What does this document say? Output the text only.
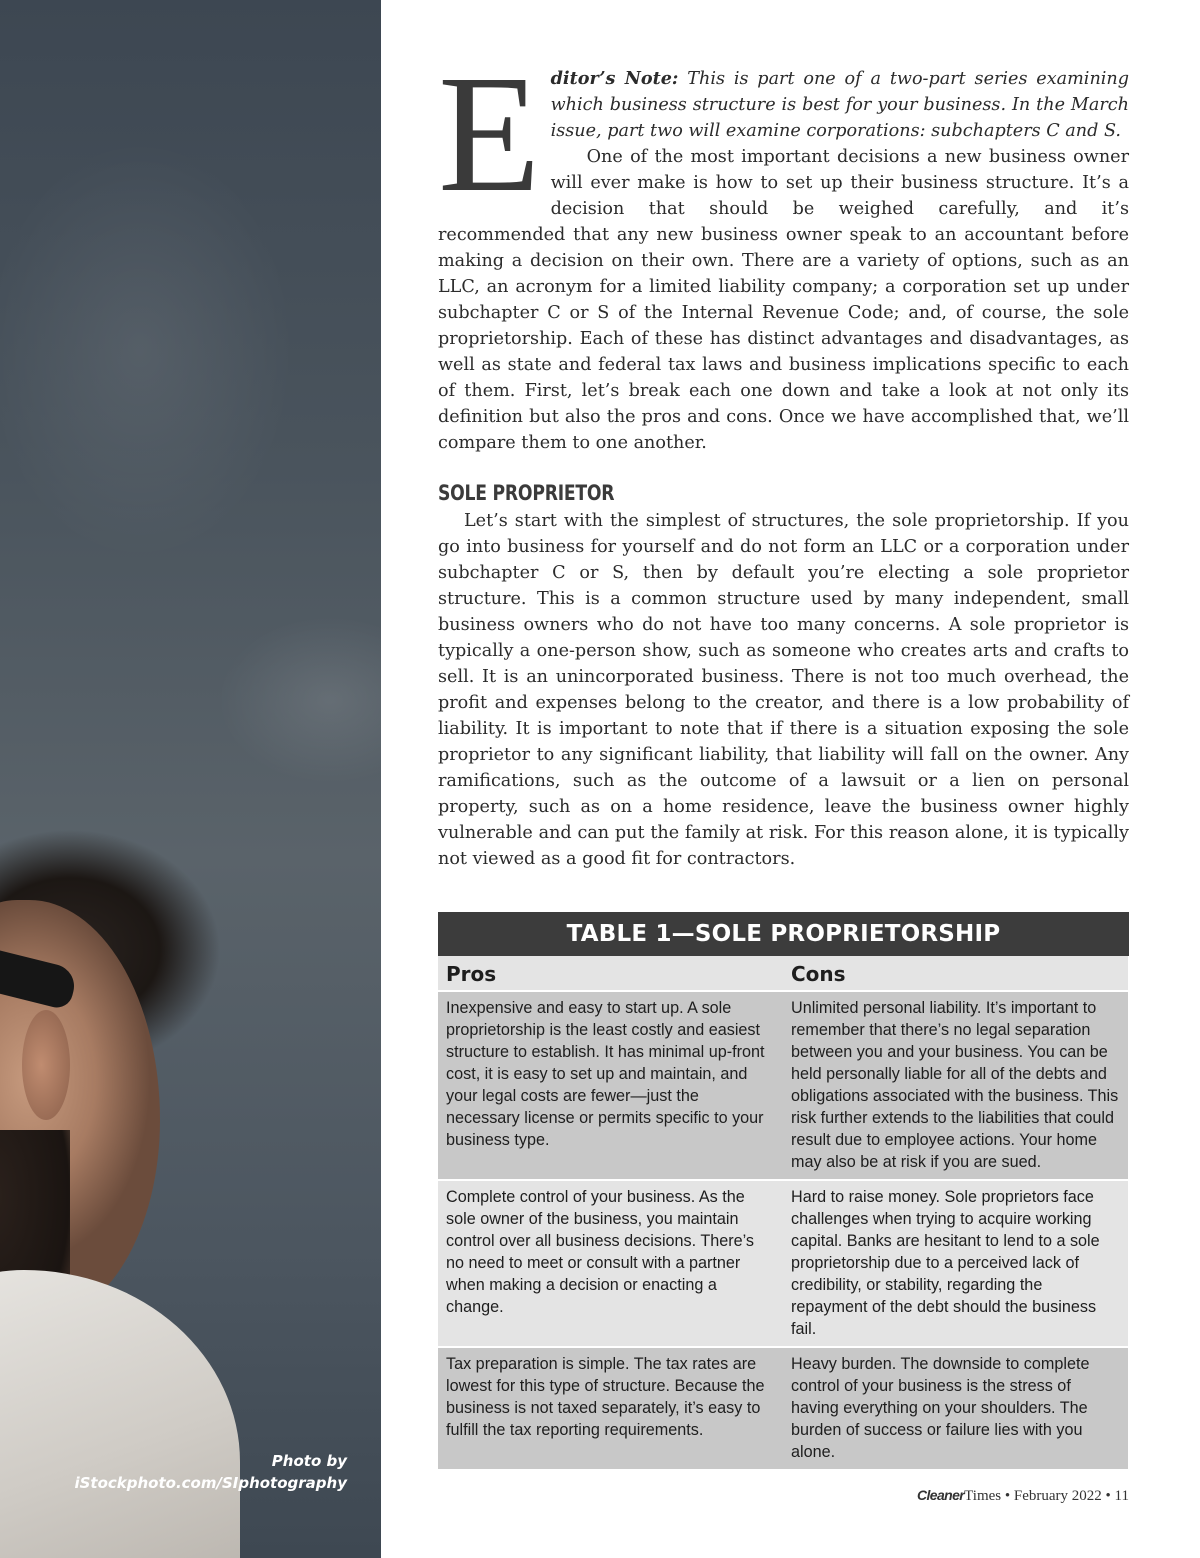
Photo by
iStockphoto.com/SIphotography
E ditor’s Note: This is part one of a two-part series examining which business structure is best for your business. In the March issue, part two will examine corporations: subchapters C and S.

One of the most important decisions a new business owner will ever make is how to set up their business structure. It’s a decision that should be weighed carefully, and it’s recommended that any new business owner speak to an accountant before making a decision on their own. There are a variety of options, such as an LLC, an acronym for a limited liability company; a corporation set up under subchapter C or S of the Internal Revenue Code; and, of course, the sole proprietorship. Each of these has distinct advantages and disadvantages, as well as state and federal tax laws and business implications specific to each of them. First, let’s break each one down and take a look at not only its definition but also the pros and cons. Once we have accomplished that, we’ll compare them to one another.

SOLE PROPRIETOR

Let’s start with the simplest of structures, the sole proprietorship. If you go into business for yourself and do not form an LLC or a corporation under subchapter C or S, then by default you’re electing a sole proprietor structure. This is a common structure used by many independent, small business owners who do not have too many concerns. A sole proprietor is typically a one-person show, such as someone who creates arts and crafts to sell. It is an unincorporated business. There is not too much overhead, the profit and expenses belong to the creator, and there is a low probability of liability. It is important to note that if there is a situation exposing the sole proprietor to any significant liability, that liability will fall on the owner. Any ramifications, such as the outcome of a lawsuit or a lien on personal property, such as on a home residence, leave the business owner highly vulnerable and can put the family at risk. For this reason alone, it is typically not viewed as a good fit for contractors.

TABLE 1—SOLE PROPRIETORSHIP
Pros	Cons
Inexpensive and easy to start up. A sole proprietorship is the least costly and easiest structure to establish. It has minimal up-front cost, it is easy to set up and maintain, and your legal costs are fewer—just the necessary license or permits specific to your business type.
Unlimited personal liability. It’s important to remember that there’s no legal separation between you and your business. You can be held personally liable for all of the debts and obligations associated with the business. This risk further extends to the liabilities that could result due to employee actions. Your home may also be at risk if you are sued.
Complete control of your business. As the sole owner of the business, you maintain control over all business decisions. There’s no need to meet or consult with a partner when making a decision or enacting a change.
Hard to raise money. Sole proprietors face challenges when trying to acquire working capital. Banks are hesitant to lend to a sole proprietorship due to a perceived lack of credibility, or stability, regarding the repayment of the debt should the business fail.
Tax preparation is simple. The tax rates are lowest for this type of structure. Because the business is not taxed separately, it’s easy to fulfill the tax reporting requirements.
Heavy burden. The downside to complete control of your business is the stress of having everything on your shoulders. The burden of success or failure lies with you alone.
CleanerTimes • February 2022 • 11
